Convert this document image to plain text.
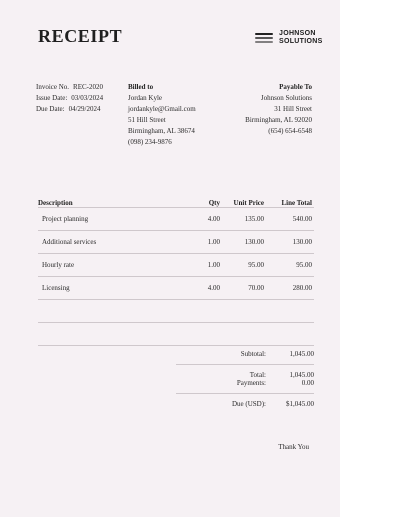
RECEIPT	JOHNSON
SOLUTIONS
Invoice No. REC-2020
Issue Date: 03/03/2024
Due Date: 04/29/2024
Billed to
Jordan Kyle
jordankyle@Gmail.com
51 Hill Street
Birmingham, AL 38674
(098) 234-9876
Payable To
Johnson Solutions
31 Hill Street
Birmingham, AL 92020
(654) 654-6548
Description	Qty	Unit Price	Line Total
Project planning	4.00	135.00	540.00
Additional services	1.00	130.00	130.00
Hourly rate	1.00	95.00	95.00
Licensing	4.00	70.00	280.00
Subtotal:	1,045.00
Total:	1,045.00
Payments:	0.00
Due (USD):	$1,045.00
Thank You
